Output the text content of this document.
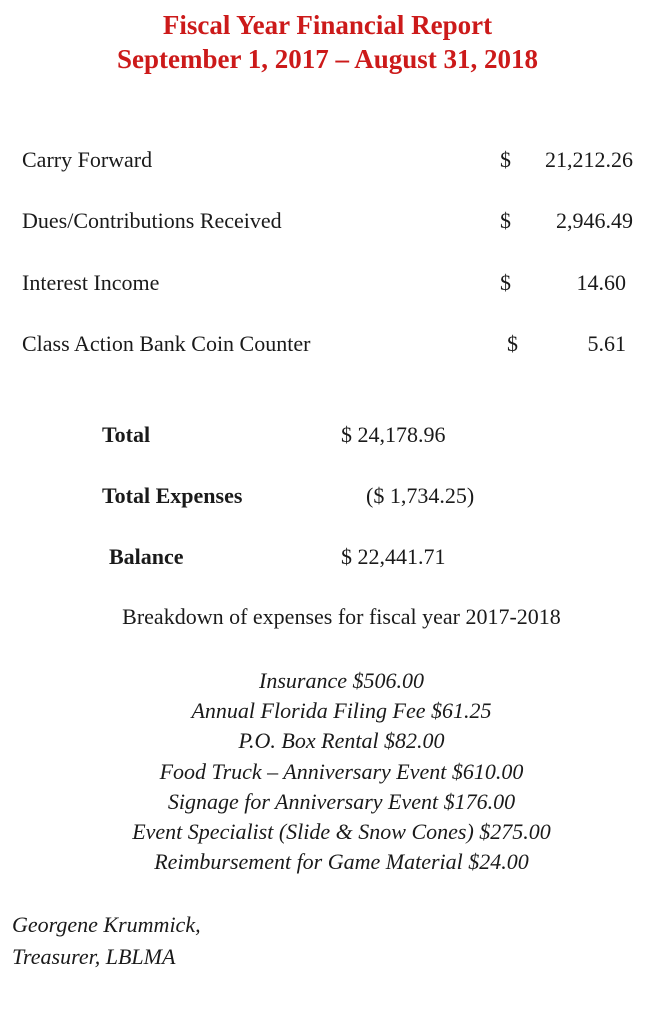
Fiscal Year Financial Report
September 1, 2017 – August 31, 2018
Carry Forward	$	21,212.26
Dues/Contributions Received	$	2,946.49
Interest Income	$	14.60
Class Action Bank Coin Counter	$	5.61
Total	$ 24,178.96
Total Expenses	($ 1,734.25)
Balance	$ 22,441.71
Breakdown of expenses for fiscal year 2017-2018
Insurance $506.00
Annual Florida Filing Fee $61.25
P.O. Box Rental $82.00
Food Truck – Anniversary Event $610.00
Signage for Anniversary Event $176.00
Event Specialist (Slide & Snow Cones) $275.00
Reimbursement for Game Material $24.00
Georgene Krummick,
Treasurer, LBLMA
